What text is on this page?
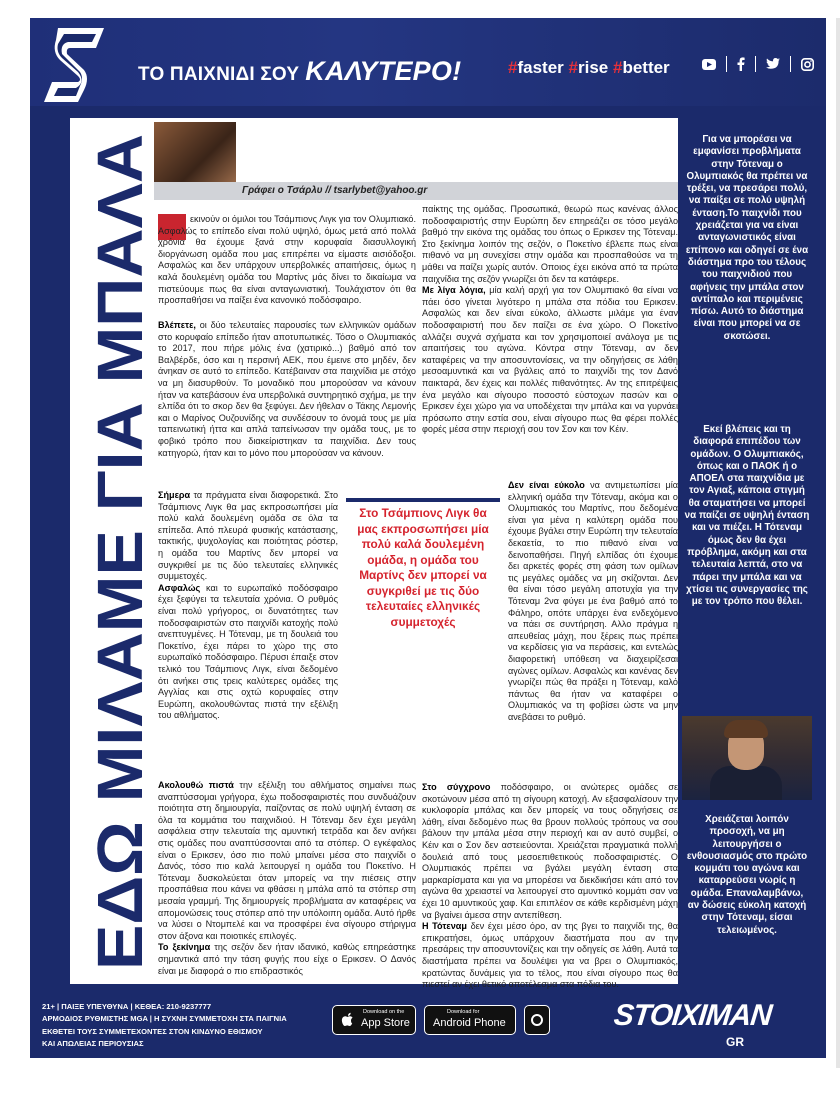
ΤΟ ΠΑΙΧΝΙΔΙ ΣΟΥ ΚΑΛΥΤΕΡΟ!	#faster #rise #better
ΕΔΩ ΜΙΛΑΜΕ ΓΙΑ ΜΠΑΛΑ	Γράφει ο Τσάρλυ // tsarlybet@yahoo.gr

εκινούν οι όμιλοι του Τσάμπιονς Λιγκ για τον Ολυμπιακό. Ασφαλώς το επίπεδο είναι πολύ υψηλό, όμως μετά από πολλά χρόνια θα έχουμε ξανά στην κορυφαία διασυλλογική διοργάνωση ομάδα που μας επιτρέπει να είμαστε αισιόδοξοι. Ασφαλώς και δεν υπάρχουν υπερβολικές απαιτήσεις, όμως η καλά δουλεμένη ομάδα του Μαρτίνς μάς δίνει το δικαίωμα να πιστεύουμε πως θα είναι ανταγωνιστική. Τουλάχιστον ότι θα προσπαθήσει να παίξει ένα κανονικό ποδόσφαιρο.

Βλέπετε, οι δύο τελευταίες παρουσίες των ελληνικών ομάδων στο κορυφαίο επίπεδο ήταν αποτυπωτικές. Τόσο ο Ολυμπιακός το 2017, που πήρε μόλις ένα (χατιρικό...) βαθμό από τον Βαλβέρδε, όσο και η περσινή ΑΕΚ, που έμεινε στο μηδέν, δεν άνηκαν σε αυτό το επίπεδο. Κατέβαιναν στα παιχνίδια με στόχο να μη διασυρθούν. Το μοναδικό που μπορούσαν να κάνουν ήταν να κατεβάσουν ένα υπερβολικά συντηρητικό σχήμα, με την ελπίδα ότι το σκορ δεν θα ξεφύγει. Δεν ήθελαν ο Τάκης Λεμονής και ο Μαρίνος Ουζουνίδης να συνδέσουν το όνομά τους με μία ταπεινωτική ήττα και απλά ταπείνωσαν την ομάδα τους, με το φοβικό τρόπο που διακείριστηκαν τα παιχνίδια. Δεν τους κατηγορώ, ήταν και το μόνο που μπορούσαν να κάνουν.

Σήμερα τα πράγματα είναι διαφορετικά. Στο Τσάμπιονς Λιγκ θα μας εκπροσωπήσει μία πολύ καλά δουλεμένη ομάδα σε όλα τα επίπεδα. Από πλευρά φυσικής κατάστασης, τακτικής, ψυχολογίας και ποιότητας ρόστερ, η ομάδα του Μαρτίνς δεν μπορεί να συγκριθεί με τις δύο τελευταίες ελληνικές συμμετοχές.

Ασφαλώς και το ευρωπαϊκό ποδόσφαιρο έχει ξεφύγει τα τελευταία χρόνια. Ο ρυθμός είναι πολύ γρήγορος, οι δυνατότητες των ποδοσφαιριστών στο παιχνίδι κατοχής πολύ ανεπτυγμένες. Η Τότεναμ, με τη δουλειά του Ποκετίνο, έχει πάρει το χώρο της στο ευρωπαϊκό ποδόσφαιρο. Πέρυσι έπαιξε στον τελικό του Τσάμπιονς Λιγκ, είναι δεδομένο ότι ανήκει στις τρεις καλύτερες ομάδες της Αγγλίας και στις οχτώ κορυφαίες στην Ευρώπη, ακολουθώντας πιστά την εξέλιξη του αθλήματος.

Ακολουθώ πιστά την εξέλιξη του αθλήματος σημαίνει πως αναπτύσσομαι γρήγορα, έχω ποδοσφαιριστές που συνδυάζουν ποιότητα στη δημιουργία, παίζοντας σε πολύ υψηλή ένταση σε όλα τα κομμάτια του παιχνιδιού. Η Τότεναμ δεν έχει μεγάλη ασφάλεια στην τελευταία της αμυντική τετράδα και δεν ανήκει στις ομάδες που αναπτύσσονται από τα στόπερ. Ο εγκέφαλος είναι ο Ερικσεν, όσο πιο πολύ μπαίνει μέσα στο παιχνίδι ο Δανός, τόσο πιο καλά λειτουργεί η ομάδα του Ποκετίνο. Η Τότεναμ δυσκολεύεται όταν μπορείς να την πιέσεις στην προσπάθεια που κάνει να φθάσει η μπάλα από τα στόπερ στη μεσαία γραμμή. Της δημιουργείς προβλήματα αν καταφέρεις να απομονώσεις τους στόπερ από την υπόλοιπη ομάδα. Αυτό ήρθε να λύσει ο Ντομπελέ και να προσφέρει ένα σίγουρο στήριγμα στον άξονα και ποιοτικές επιλογές.

Το ξεκίνημα της σεζόν δεν ήταν ιδανικό, καθώς επηρεάστηκε σημαντικά από την τάση φυγής που είχε ο Ερικσεν. Ο Δανός είναι με διαφορά ο πιο επιδραστικός

παίκτης της ομάδας. Προσωπικά, θεωρώ πως κανένας άλλος ποδοσφαιριστής στην Ευρώπη δεν επηρεάζει σε τόσο μεγάλο βαθμό την εικόνα της ομάδας του όπως ο Ερικσεν της Τότεναμ. Στο ξεκίνημα λοιπόν της σεζόν, ο Ποκετίνο έβλεπε πως είναι πιθανό να μη συνεχίσει στην ομάδα και προσπαθούσε να τη μάθει να παίζει χωρίς αυτόν. Οποιος έχει εικόνα από τα πρώτα παιχνίδια της σεζόν γνωρίζει ότι δεν τα κατάφερε.

Με λίγα λόγια, μία καλή αρχή για τον Ολυμπιακό θα είναι να πάει όσο γίνεται λιγότερο η μπάλα στα πόδια του Ερικσεν. Ασφαλώς και δεν είναι εύκολο, άλλωστε μιλάμε για έναν ποδοσφαιριστή που δεν παίζει σε ένα χώρο. Ο Ποκετίνο αλλάζει συχνά σχήματα και τον χρησιμοποιεί ανάλογα με τις απαιτήσεις του αγώνα. Κόντρα στην Τότεναμ, αν δεν καταφέρεις να την αποσυντονίσεις, να την οδηγήσεις σε λάθη μεσοαμυντικά και να βγάλεις από το παιχνίδι της τον Δανό παικταρά, δεν έχεις και πολλές πιθανότητες. Αν της επιτρέψεις ένα μεγάλο και σίγουρο ποσοστό εύστοχων πασών και ο Ερικσεν έχει χώρο για να υποδέχεται την μπάλα και να γυρνάει πρόσωπο στην εστία σου, είναι σίγουρο πως θα φέρει πολλές φορές μέσα στην περιοχή σου τον Σον και τον Κέιν.

Δεν είναι εύκολο να αντιμετωπίσει μία ελληνική ομάδα την Τότεναμ, ακόμα και ο Ολυμπιακός του Μαρτίνς, που δεδομένα είναι για μένα η καλύτερη ομάδα που έχουμε βγάλει στην Ευρώπη την τελευταία δεκαετία, το πιο πιθανό είναι να δεινοπαθήσει. Πηγή ελπίδας ότι έχουμε δει αρκετές φορές στη φάση των ομίλων τις μεγάλες ομάδες να μη σκίζονται. Δεν θα είναι τόσο μεγάλη αποτυχία για την Τότεναμ 2να φύγει με ένα βαθμό από το Φάληρο, οπότε υπάρχει ένα ενδεχόμενο να πάει σε συντήρηση. Αλλο πράγμα η απευθείας μάχη, που ξέρεις πως πρέπει να κερδίσεις για να περάσεις, και εντελώς διαφορετική υπόθεση να διαχειρίζεσαι αγώνες ομίλων. Ασφαλώς και κανένας δεν γνωρίζει πώς θα πράξει η Τότεναμ, καλό πάντως θα ήταν να καταφέρει ο Ολυμπιακός να τη φοβίσει ώστε να μην ανεβάσει το ρυθμό.

Στο σύγχρονο ποδόσφαιρο, οι ανώτερες ομάδες σε σκοτώνουν μέσα από τη σίγουρη κατοχή. Αν εξασφαλίσουν την κυκλοφορία μπάλας και δεν μπορείς να τους οδηγήσεις σε λάθη, είναι δεδομένο πως θα βρουν πολλούς τρόπους να σου βάλουν την μπάλα μέσα στην περιοχή και αν αυτό συμβεί, ο Κέιν και ο Σον δεν αστειεύονται. Χρειάζεται πραγματικά πολλή δουλειά από τους μεσοεπιθετικούς ποδοσφαιριστές. Ο Ολυμπιακός πρέπει να βγάλει μεγάλη ένταση στα μαρκαρίσματα και για να μπορέσει να διεκδικήσει κάτι από τον αγώνα θα χρειαστεί να λειτουργεί στο αμυντικό κομμάτι σαν να έχει 10 αμυντικούς χαφ. Και επιπλέον σε κάθε κερδισμένη μάχη να βγαίνει άμεσα στην αντεπίθεση.

Η Τότεναμ δεν έχει μέσο όρο, αν της βγει το παιχνίδι της, θα επικρατήσει, όμως υπάρχουν διαστήματα που αν την πρεσάρεις την αποσυντονίζεις και την οδηγείς σε λάθη. Αυτά τα διαστήματα πρέπει να δουλέψει για να βρει ο Ολυμπιακός, κρατώντας δυνάμεις για το τέλος, που είναι σίγουρο πως θα πιεστεί αν έχει θετικό αποτέλεσμα στα πόδια του.

Στο Τσάμπιονς Λιγκ θα μας εκπροσωπήσει μία πολύ καλά δουλεμένη ομάδα, η ομάδα του Μαρτίνς δεν μπορεί να συγκριθεί με τις δύο τελευταίες ελληνικές συμμετοχές
Για να μπορέσει να εμφανίσει προβλήματα στην Τότεναμ ο Ολυμπιακός θα πρέπει να τρέξει, να πρεσάρει πολύ, να παίξει σε πολύ υψηλή ένταση.Το παιχνίδι που χρειάζεται για να είναι ανταγωνιστικός είναι επίπονο και οδηγεί σε ένα διάστημα προ του τέλους του παιχνιδιού που αφήνεις την μπάλα στον αντίπαλο και περιμένεις πίσω. Αυτό το διάστημα είναι που μπορεί να σε σκοτώσει.
Εκεί βλέπεις και τη διαφορά επιπέδου των ομάδων. Ο Ολυμπιακός, όπως και ο ΠΑΟΚ ή ο ΑΠΟΕΛ στα παιχνίδια με τον Αγιαξ, κάποια στιγμή θα σταματήσει να μπορεί να παίζει σε υψηλή ένταση και να πιέζει. Η Τότεναμ όμως δεν θα έχει πρόβλημα, ακόμη και στα τελευταία λεπτά, στο να πάρει την μπάλα και να χτίσει τις συνεργασίες της με τον τρόπο που θέλει.
Χρειάζεται λοιπόν προσοχή, να μη λειτουργήσει ο ενθουσιασμός στο πρώτο κομμάτι του αγώνα και καταρρεύσει νωρίς η ομάδα. Επαναλαμβάνω, αν δώσεις εύκολη κατοχή στην Τότεναμ, είσαι τελειωμένος.
21+ | ΠΑΙΞΕ ΥΠΕΥΘΥΝΑ | ΚΕΘΕΑ: 210-9237777
ΑΡΜΟΔΙΟΣ ΡΥΘΜΙΣΤΗΣ MGA | Η ΣΥΧΝΗ ΣΥΜΜΕΤΟΧΗ ΣΤΑ ΠΑΙΓΝΙΑ
ΕΚΘΕΤΕΙ ΤΟΥΣ ΣΥΜΜΕΤΕΧΟΝΤΕΣ ΣΤΟΝ ΚΙΝΔΥΝΟ ΕΘΙΣΜΟΥ
ΚΑΙ ΑΠΩΛΕΙΑΣ ΠΕΡΙΟΥΣΙΑΣ
Download on the
App Store
Download for
Android Phone	STOIXIMAN
GR
